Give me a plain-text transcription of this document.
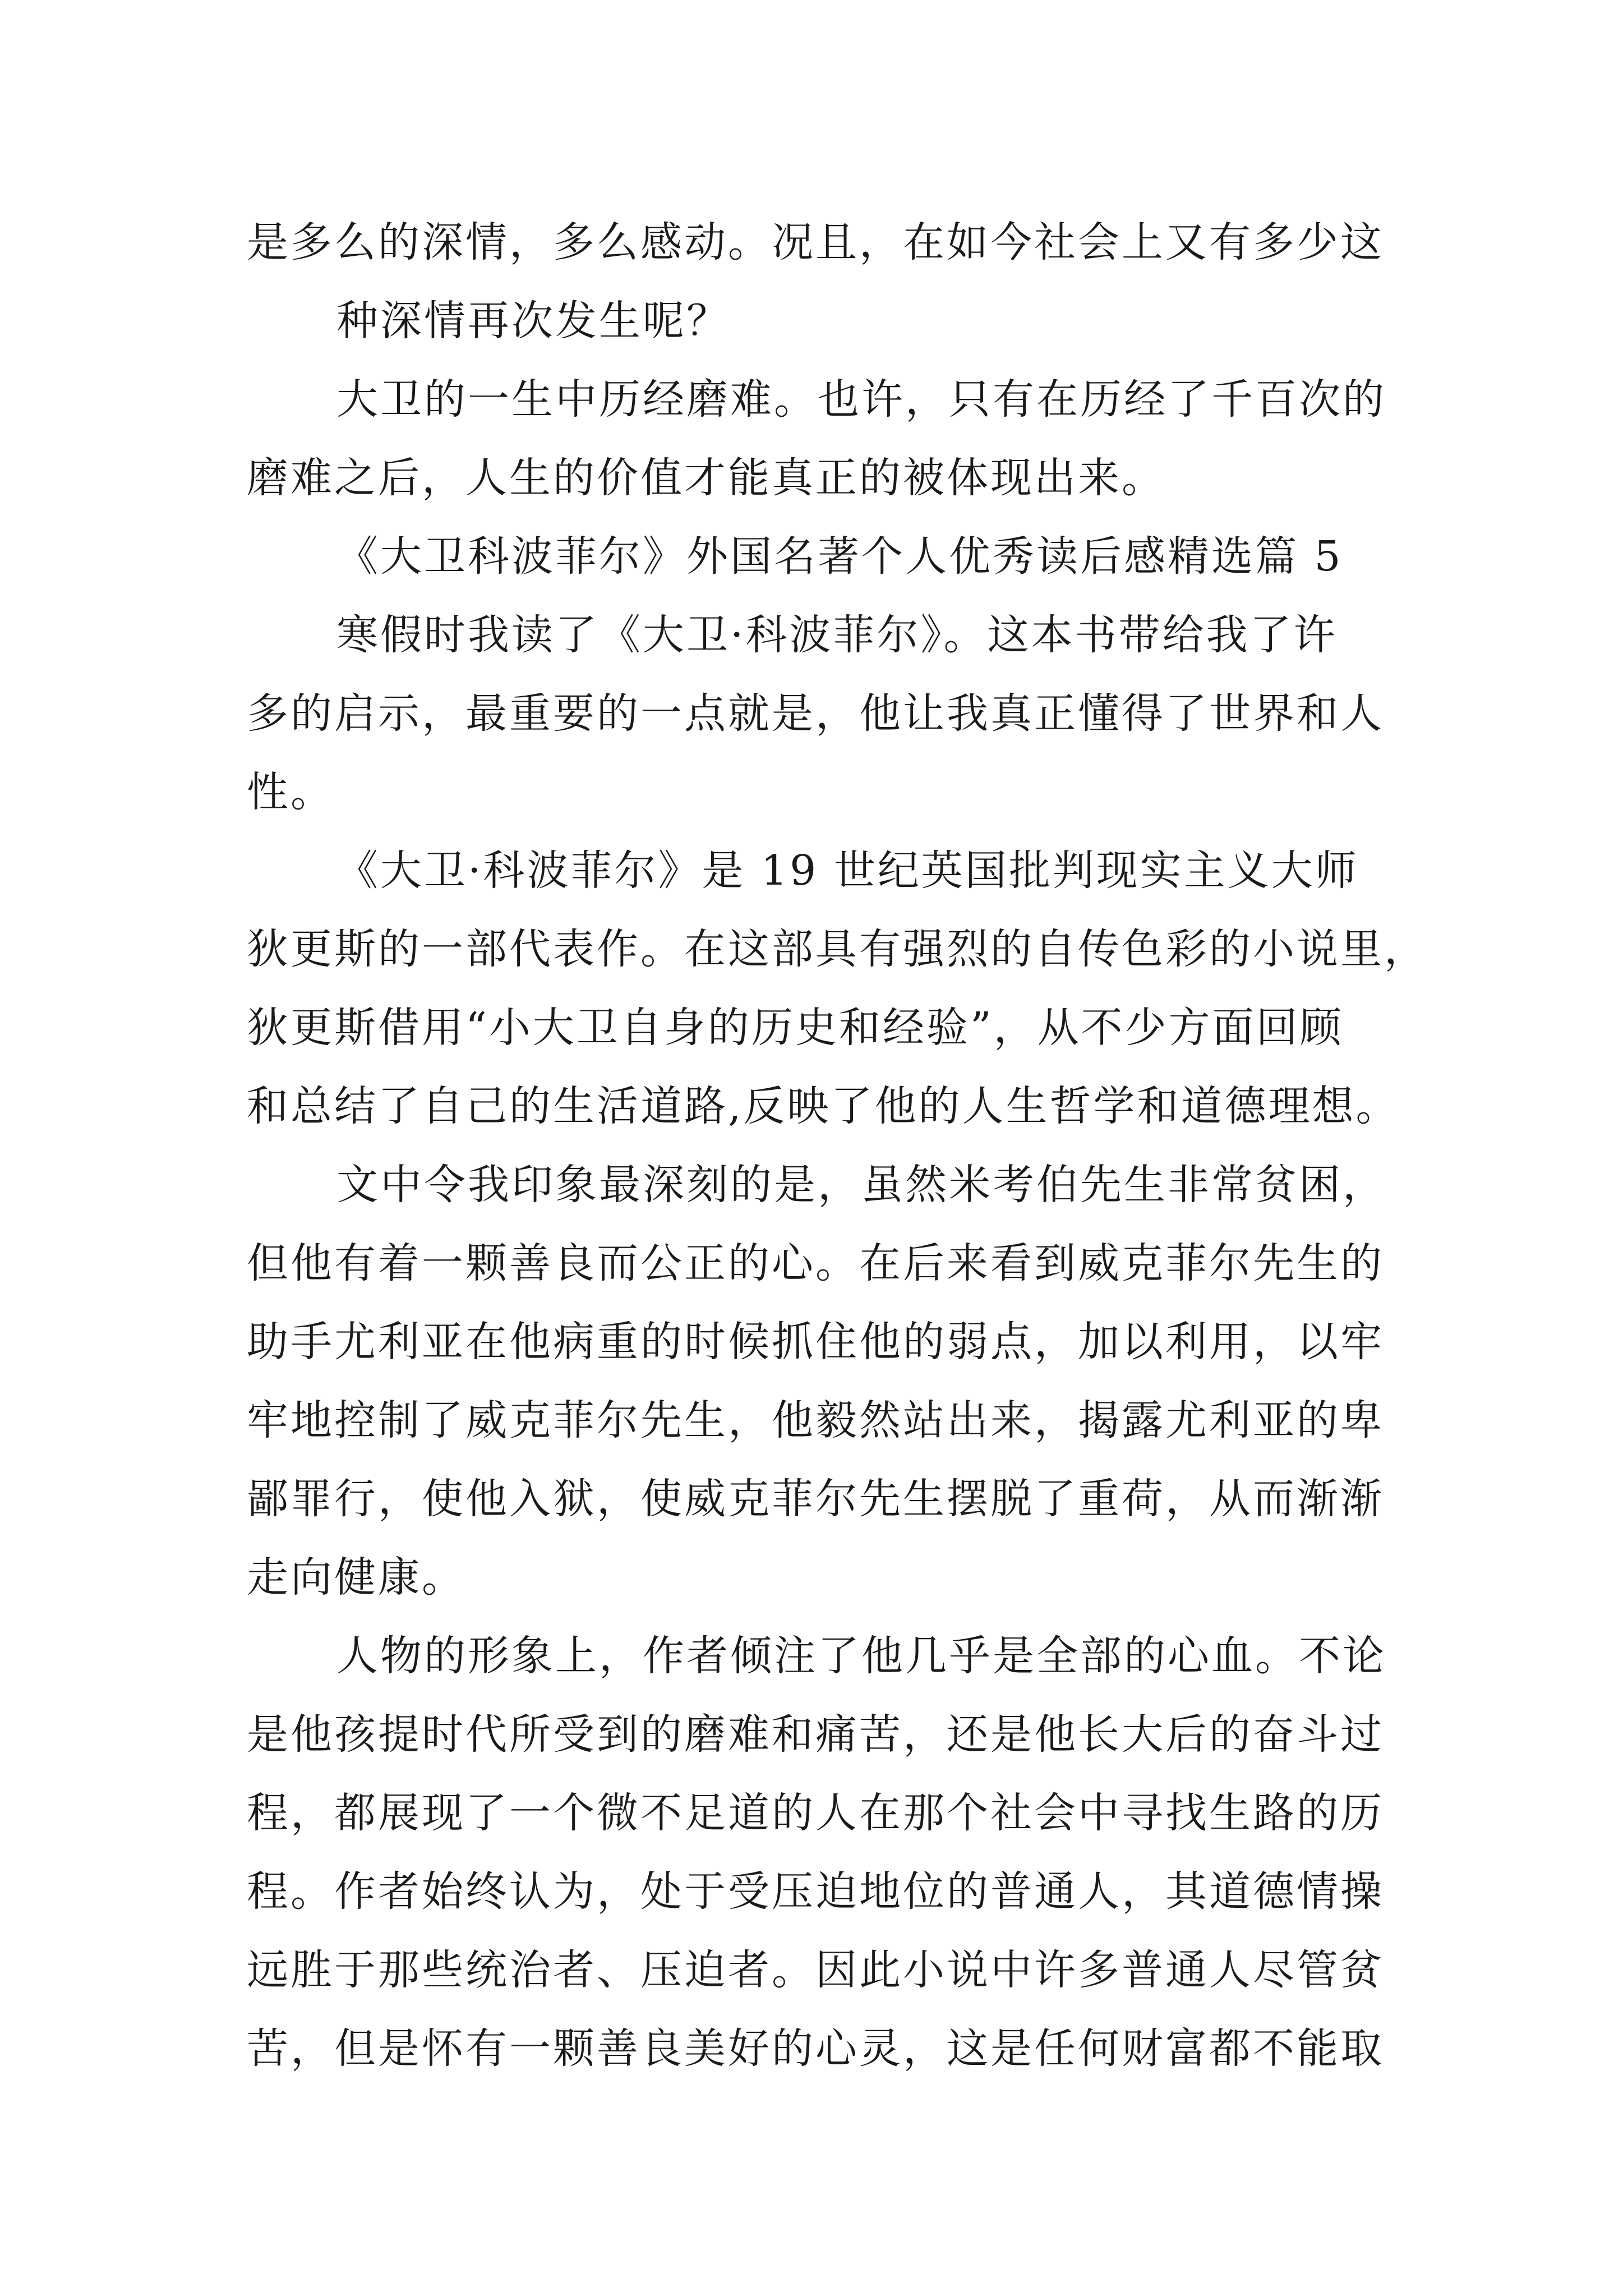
是多么的深情，多么感动。况且，在如今社会上又有多少这
种深情再次发生呢？
大卫的一生中历经磨难。也许，只有在历经了千百次的
磨难之后，人生的价值才能真正的被体现出来。
《大卫科波菲尔》外国名著个人优秀读后感精选篇 5
寒假时我读了《大卫·科波菲尔》。这本书带给我了许
多的启示，最重要的一点就是，他让我真正懂得了世界和人
性。
《大卫·科波菲尔》是 19 世纪英国批判现实主义大师
狄更斯的一部代表作。在这部具有强烈的自传色彩的小说里，
狄更斯借用“小大卫自身的历史和经验”，从不少方面回顾
和总结了自己的生活道路,反映了他的人生哲学和道德理想。
文中令我印象最深刻的是，虽然米考伯先生非常贫困，
但他有着一颗善良而公正的心。在后来看到威克菲尔先生的
助手尤利亚在他病重的时候抓住他的弱点，加以利用，以牢
牢地控制了威克菲尔先生，他毅然站出来，揭露尤利亚的卑
鄙罪行，使他入狱，使威克菲尔先生摆脱了重荷，从而渐渐
走向健康。
人物的形象上，作者倾注了他几乎是全部的心血。不论
是他孩提时代所受到的磨难和痛苦，还是他长大后的奋斗过
程，都展现了一个微不足道的人在那个社会中寻找生路的历
程。作者始终认为，处于受压迫地位的普通人，其道德情操
远胜于那些统治者、压迫者。因此小说中许多普通人尽管贫
苦，但是怀有一颗善良美好的心灵，这是任何财富都不能取
